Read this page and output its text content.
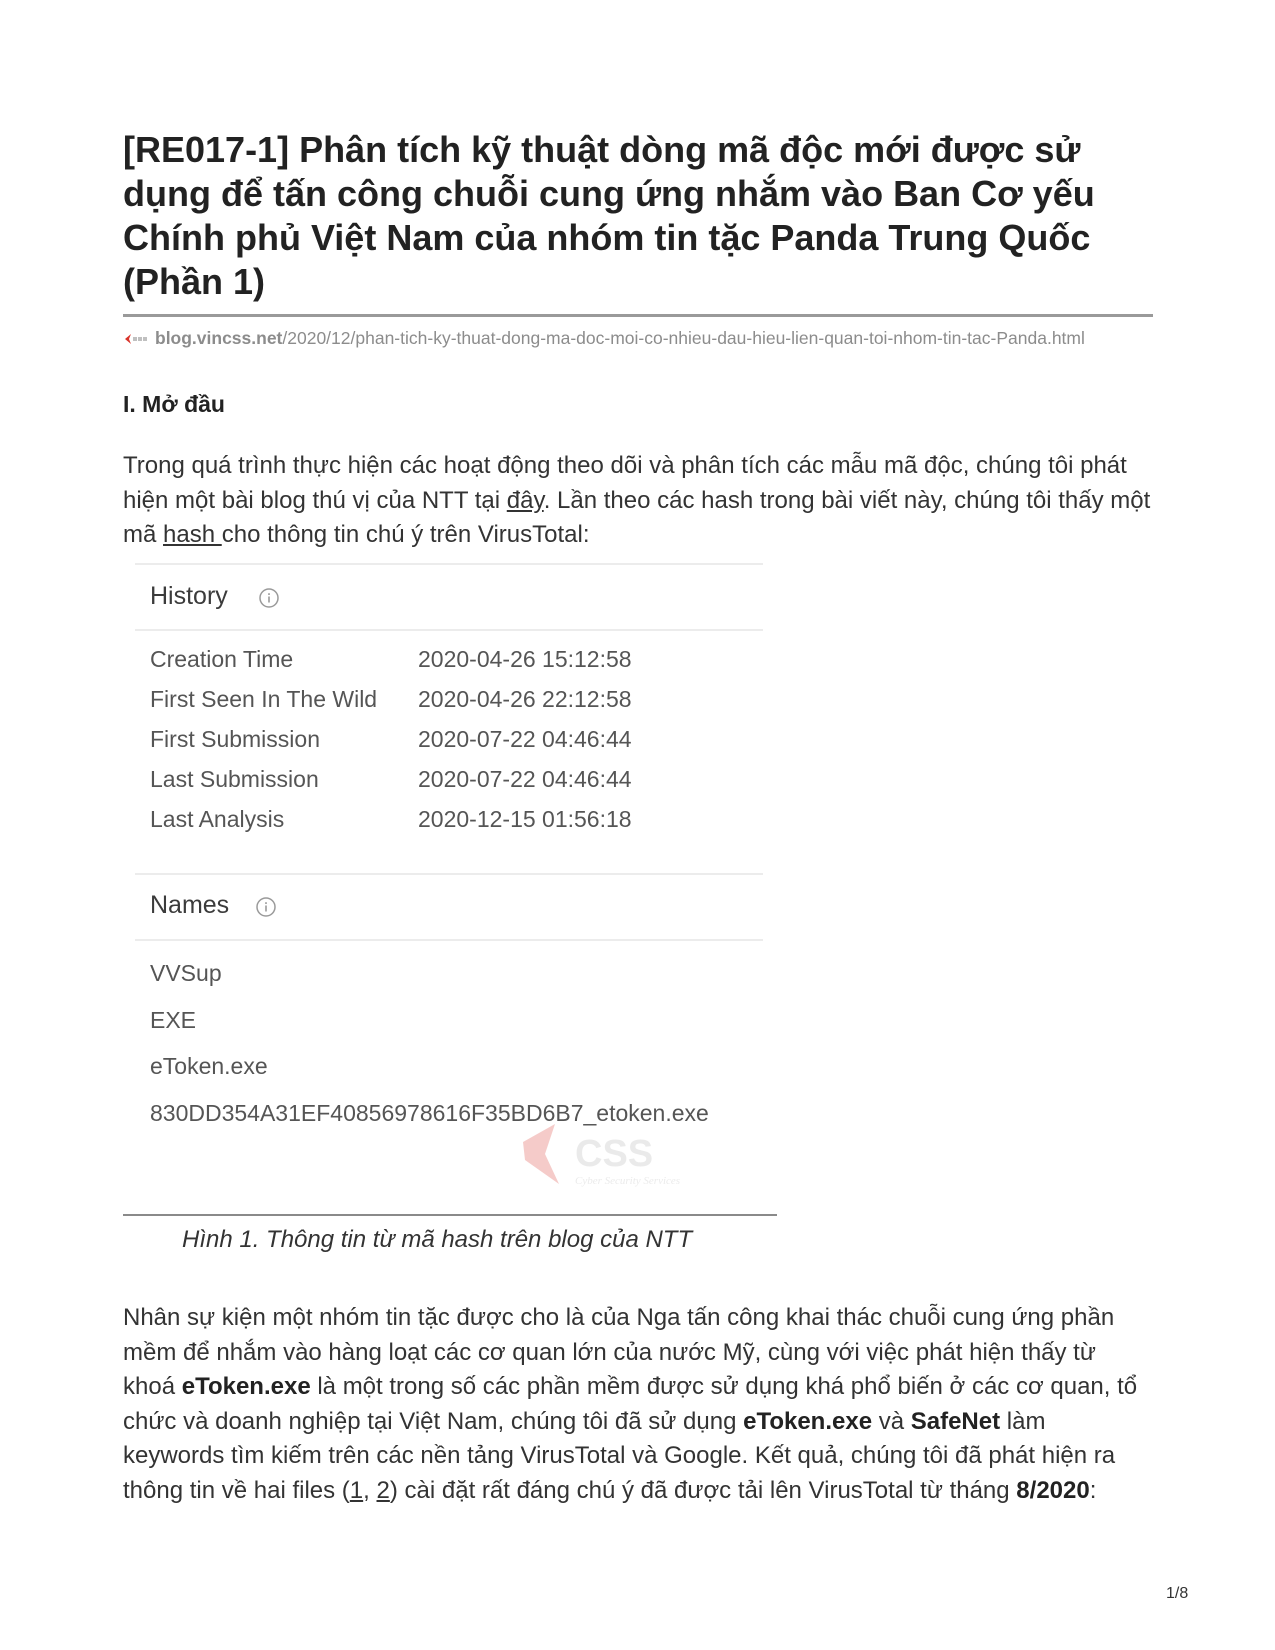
[RE017-1] Phân tích kỹ thuật dòng mã độc mới được sử dụng để tấn công chuỗi cung ứng nhắm vào Ban Cơ yếu Chính phủ Việt Nam của nhóm tin tặc Panda Trung Quốc (Phần 1)
blog.vincss.net/2020/12/phan-tich-ky-thuat-dong-ma-doc-moi-co-nhieu-dau-hieu-lien-quan-toi-nhom-tin-tac-Panda.html
I. Mở đầu

Trong quá trình thực hiện các hoạt động theo dõi và phân tích các mẫu mã độc, chúng tôi phát hiện một bài blog thú vị của NTT tại đây. Lần theo các hash trong bài viết này, chúng tôi thấy một mã hash cho thông tin chú ý trên VirusTotal:

History
Creation Time	2020-04-26 15:12:58
First Seen In The Wild 2020-04-26 22:12:58
First Submission	2020-07-22 04:46:44
Last Submission	2020-07-22 04:46:44
Last Analysis	2020-12-15 01:56:18
Names
VVSup
EXE
eToken.exe
830DD354A31EF40856978616F35BD6B7_etoken.exe
CSS
Cyber Security Services
Hình 1. Thông tin từ mã hash trên blog của NTT

Nhân sự kiện một nhóm tin tặc được cho là của Nga tấn công khai thác chuỗi cung ứng phần mềm để nhắm vào hàng loạt các cơ quan lớn của nước Mỹ, cùng với việc phát hiện thấy từ khoá eToken.exe là một trong số các phần mềm được sử dụng khá phổ biến ở các cơ quan, tổ chức và doanh nghiệp tại Việt Nam, chúng tôi đã sử dụng eToken.exe và SafeNet làm keywords tìm kiếm trên các nền tảng VirusTotal và Google. Kết quả, chúng tôi đã phát hiện ra thông tin về hai files (1, 2) cài đặt rất đáng chú ý đã được tải lên VirusTotal từ tháng 8/2020:

1/8
